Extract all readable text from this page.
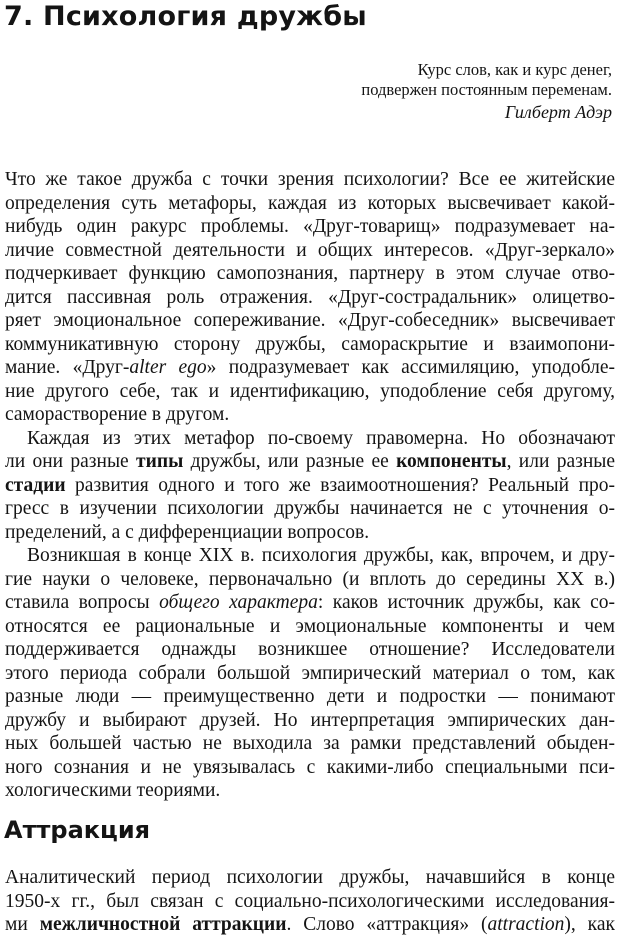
7. Психология дружбы
Курс слов, как и курс денег,
подвержен постоянным переменам.
Гилберт Адэр
Что же такое дружба с точки зрения психологии? Все ее житейские
определения суть метафоры, каждая из которых высвечивает какой-
нибудь один ракурс проблемы. «Друг-товарищ» подразумевает на-
личие совместной деятельности и общих интересов. «Друг-зеркало»
подчеркивает функцию самопознания, партнеру в этом случае отво-
дится пассивная роль отражения. «Друг-сострадальник» олицетво-
ряет эмоциональное сопереживание. «Друг-собеседник» высвечивает
коммуникативную сторону дружбы, самораскрытие и взаимопони-
мание. «Друг-alter ego» подразумевает как ассимиляцию, уподобле-
ние другого себе, так и идентификацию, уподобление себя другому,
саморастворение в другом.
Каждая из этих метафор по-своему правомерна. Но обозначают
ли они разные типы дружбы, или разные ее компоненты, или разные
стадии развития одного и того же взаимоотношения? Реальный про-
гресс в изучении психологии дружбы начинается не с уточнения о-
пределений, а с дифференциации вопросов.
Возникшая в конце XIX в. психология дружбы, как, впрочем, и дру-
гие науки о человеке, первоначально (и вплоть до середины XX в.)
ставила вопросы общего характера: каков источник дружбы, как со-
относятся ее рациональные и эмоциональные компоненты и чем
поддерживается однажды возникшее отношение? Исследователи
этого периода собрали большой эмпирический материал о том, как
разные люди — преимущественно дети и подростки — понимают
дружбу и выбирают друзей. Но интерпретация эмпирических дан-
ных большей частью не выходила за рамки представлений обыден-
ного сознания и не увязывалась с какими-либо специальными пси-
хологическими теориями.
Аттракция
Аналитический период психологии дружбы, начавшийся в конце
1950-х гг., был связан с социально-психологическими исследования-
ми межличностной аттракции. Слово «аттракция» (attraction), как
